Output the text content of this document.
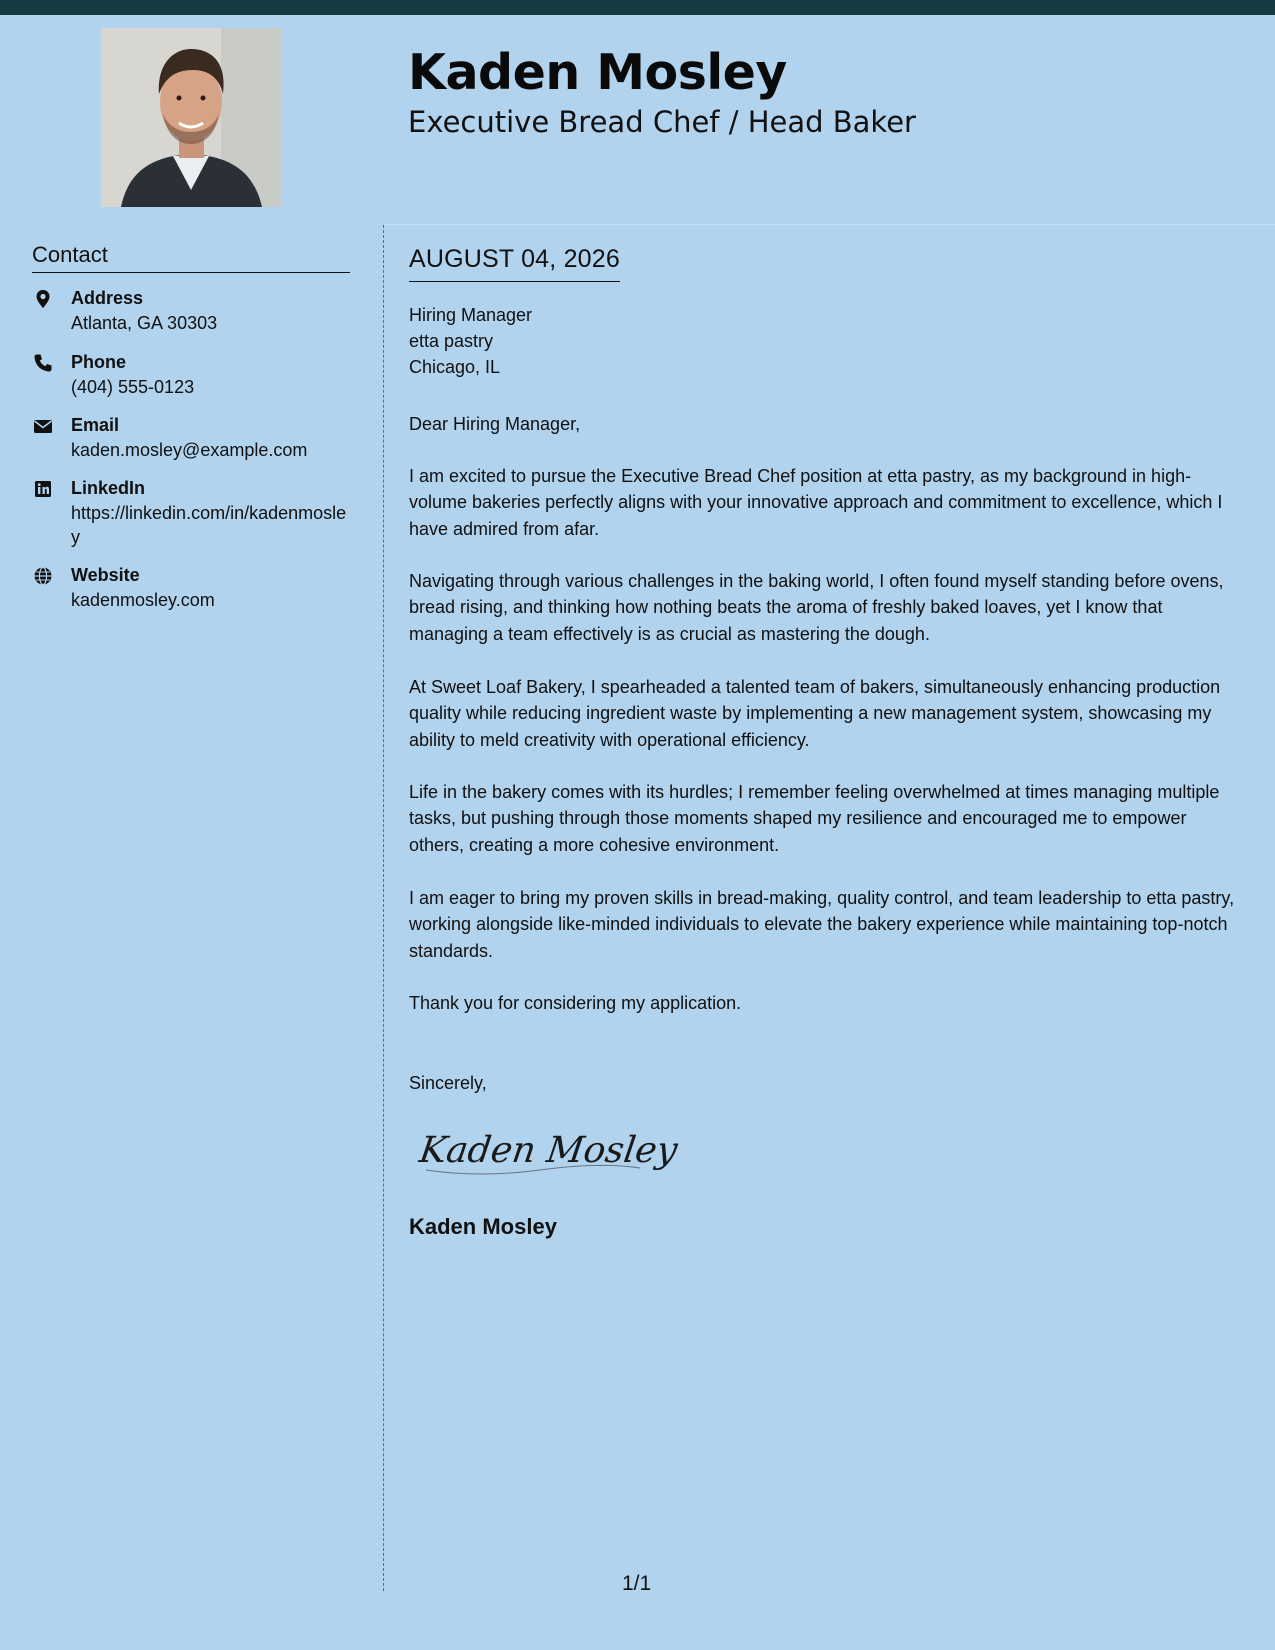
Kaden Mosley
Executive Bread Chef / Head Baker
Contact
Address
Atlanta, GA 30303
Phone
(404) 555-0123
Email
kaden.mosley@example.com
LinkedIn
https://linkedin.com/in/kadenmosley
Website
kadenmosley.com
AUGUST 04, 2026
Hiring Manager
etta pastry
Chicago, IL
Dear Hiring Manager,

I am excited to pursue the Executive Bread Chef position at etta pastry, as my background in high-volume bakeries perfectly aligns with your innovative approach and commitment to excellence, which I have admired from afar.

Navigating through various challenges in the baking world, I often found myself standing before ovens, bread rising, and thinking how nothing beats the aroma of freshly baked loaves, yet I know that managing a team effectively is as crucial as mastering the dough.

At Sweet Loaf Bakery, I spearheaded a talented team of bakers, simultaneously enhancing production quality while reducing ingredient waste by implementing a new management system, showcasing my ability to meld creativity with operational efficiency.

Life in the bakery comes with its hurdles; I remember feeling overwhelmed at times managing multiple tasks, but pushing through those moments shaped my resilience and encouraged me to empower others, creating a more cohesive environment.

I am eager to bring my proven skills in bread-making, quality control, and team leadership to etta pastry, working alongside like-minded individuals to elevate the bakery experience while maintaining top-notch standards.

Thank you for considering my application.

Sincerely,
Kaden Mosley
Kaden Mosley
1/1
